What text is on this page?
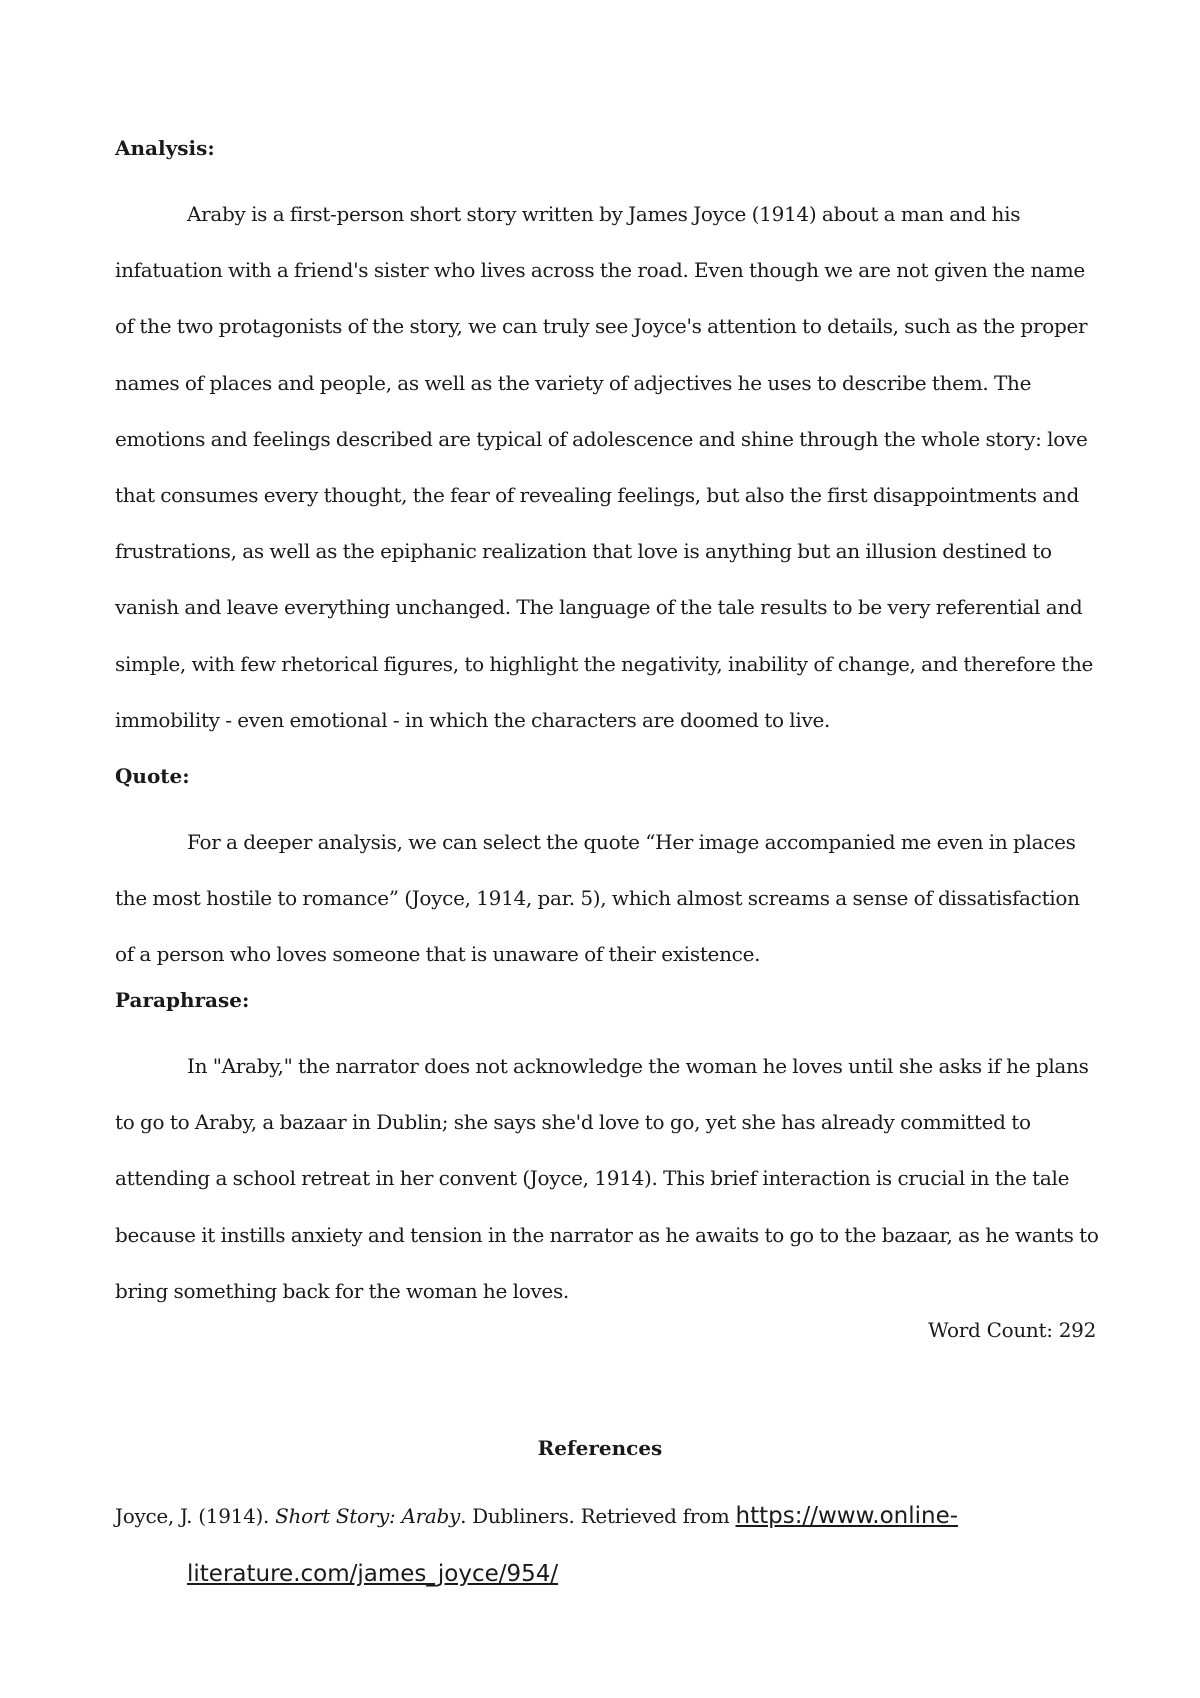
Analysis:

Araby is a first-person short story written by James Joyce (1914) about a man and his
infatuation with a friend's sister who lives across the road. Even though we are not given the name
of the two protagonists of the story, we can truly see Joyce's attention to details, such as the proper
names of places and people, as well as the variety of adjectives he uses to describe them. The
emotions and feelings described are typical of adolescence and shine through the whole story: love
that consumes every thought, the fear of revealing feelings, but also the first disappointments and
frustrations, as well as the epiphanic realization that love is anything but an illusion destined to
vanish and leave everything unchanged. The language of the tale results to be very referential and
simple, with few rhetorical figures, to highlight the negativity, inability of change, and therefore the
immobility - even emotional - in which the characters are doomed to live.

Quote:

For a deeper analysis, we can select the quote “Her image accompanied me even in places
the most hostile to romance” (Joyce, 1914, par. 5), which almost screams a sense of dissatisfaction
of a person who loves someone that is unaware of their existence.

Paraphrase:

In "Araby," the narrator does not acknowledge the woman he loves until she asks if he plans
to go to Araby, a bazaar in Dublin; she says she'd love to go, yet she has already committed to
attending a school retreat in her convent (Joyce, 1914). This brief interaction is crucial in the tale
because it instills anxiety and tension in the narrator as he awaits to go to the bazaar, as he wants to
bring something back for the woman he loves.
Word Count: 292
References
Joyce, J. (1914). Short Story: Araby. Dubliners. Retrieved from https://www.online-
literature.com/james_joyce/954/
